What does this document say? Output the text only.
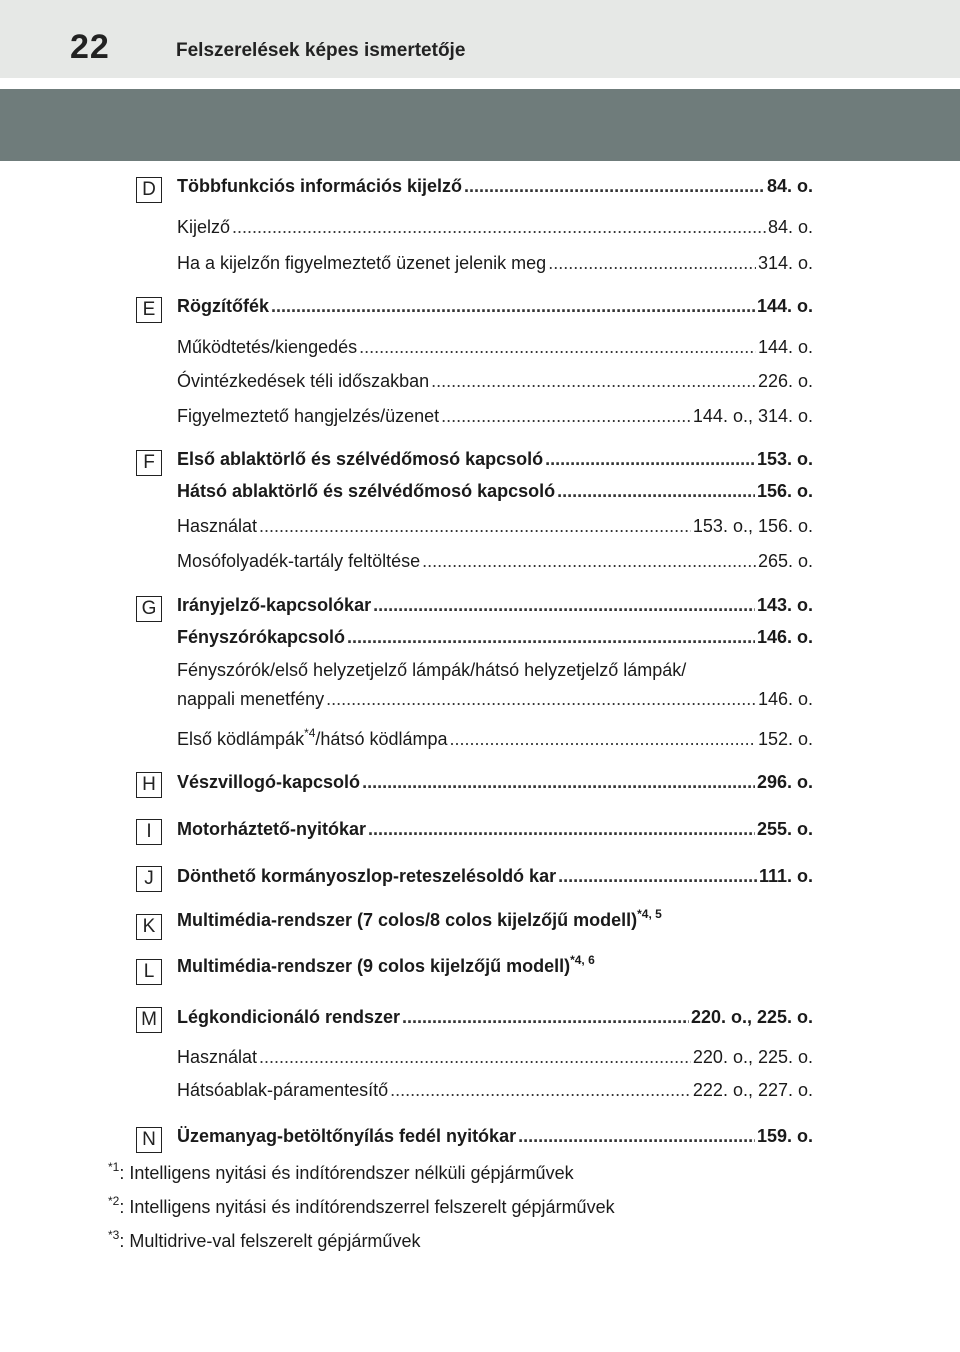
22	Felszerelések képes ismertetője
D	Többfunkciós információs kijelző .....	84. o.
Kijelző .....	84. o.
Ha a kijelzőn figyelmeztető üzenet jelenik meg .....	314. o.
E	Rögzítőfék .....	144. o.
Működtetés/kiengedés .....	144. o.
Óvintézkedések téli időszakban .....	226. o.
Figyelmeztető hangjelzés/üzenet .....	144. o., 314. o.
F	Első ablaktörlő és szélvédőmosó kapcsoló .....	153. o.
Hátsó ablaktörlő és szélvédőmosó kapcsoló .....	156. o.
Használat .....	153. o., 156. o.
Mosófolyadék-tartály feltöltése .....	265. o.
G	Irányjelző-kapcsolókar .....	143. o.
Fényszórókapcsoló .....	146. o.
Fényszórók/első helyzetjelző lámpák/hátsó helyzetjelző lámpák/
nappali menetfény .....	146. o.
Első ködlámpák$^{*4}$/hátsó ködlámpa .....	152. o.
H	Vészvillogó-kapcsoló .....	296. o.
I	Motorháztető-nyitókar .....	255. o.
J	Dönthető kormányoszlop-reteszelésoldó kar .....	111. o.
K	Multimédia-rendszer (7 colos/8 colos kijelzőjű modell)$^{*4, 5}$
L	Multimédia-rendszer (9 colos kijelzőjű modell)$^{*4, 6}$
M Légkondicionáló rendszer .....	220. o., 225. o.
Használat .....	220. o., 225. o.
Hátsóablak-páramentesítő .....	222. o., 227. o.
N	Üzemanyag-betöltőnyílás fedél nyitókar .....	159. o.
$^{*1}$: Intelligens nyitási és indítórendszer nélküli gépjárművek
$^{*2}$: Intelligens nyitási és indítórendszerrel felszerelt gépjárművek
$^{*3}$: Multidrive-val felszerelt gépjárművek
